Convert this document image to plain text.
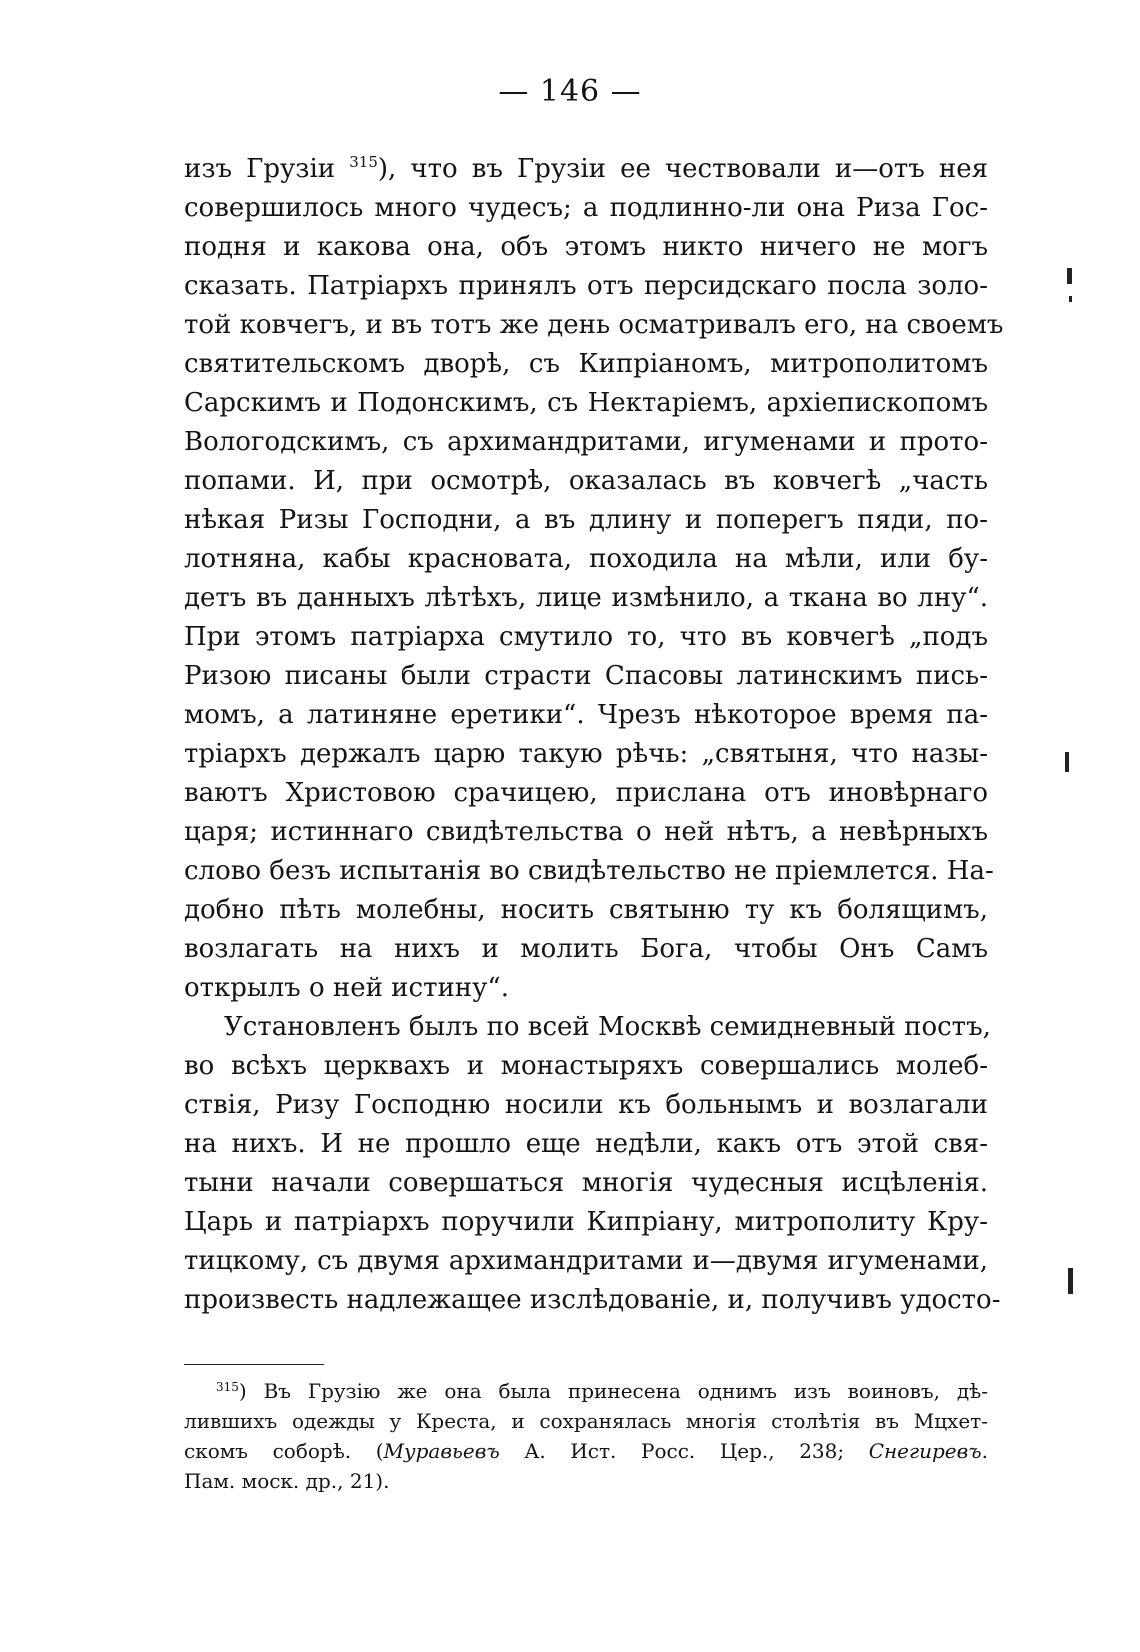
— 146 —
изъ Грузіи $^{315}$), что въ Грузіи ее чествовали и—отъ нея
совершилось много чудесъ; а подлинно-ли она Риза Гос-
подня и какова она, объ этомъ никто ничего не могъ
сказать. Патріархъ принялъ отъ персидскаго посла золо-
той ковчегъ, и въ тотъ же день осматривалъ его, на своемъ
святительскомъ дворѣ, съ Кипріаномъ, митрополитомъ
Сарскимъ и Подонскимъ, съ Нектаріемъ, архіепископомъ
Вологодскимъ, съ архимандритами, игуменами и прото-
попами. И, при осмотрѣ, оказалась въ ковчегѣ „часть
нѣкая Ризы Господни, а въ длину и поперегъ пяди, по-
лотняна, кабы красновата, походила на мѣли, или бу-
детъ въ данныхъ лѣтѣхъ, лице измѣнило, а ткана во лну“.
При этомъ патріарха смутило то, что въ ковчегѣ „подъ
Ризою писаны были страсти Спасовы латинскимъ пись-
момъ, а латиняне еретики“. Чрезъ нѣкоторое время па-
тріархъ держалъ царю такую рѣчь: „святыня, что назы-
ваютъ Христовою срачицею, прислана отъ иновѣрнаго
царя; истиннаго свидѣтельства о ней нѣтъ, а невѣрныхъ
слово безъ испытанія во свидѣтельство не пріемлется. На-
добно пѣть молебны, носить святыню ту къ болящимъ,
возлагать на нихъ и молить Бога, чтобы Онъ Самъ
открылъ о ней истину“.
Установленъ былъ по всей Москвѣ семидневный постъ,
во всѣхъ церквахъ и монастыряхъ совершались молеб-
ствія, Ризу Господню носили къ больнымъ и возлагали
на нихъ. И не прошло еще недѣли, какъ отъ этой свя-
тыни начали совершаться многія чудесныя исцѣленія.
Царь и патріархъ поручили Кипріану, митрополиту Кру-
тицкому, съ двумя архимандритами и—двумя игуменами,
произвесть надлежащее изслѣдованіе, и, получивъ удосто-
$^{315}$) Въ Грузію же она была принесена однимъ изъ воиновъ, дѣ-
лившихъ одежды у Креста, и сохранялась многія столѣтія въ Мцхет-
скомъ соборѣ. (Муравьевъ А. Ист. Росс. Цер., 238; Снегиревъ.
Пам. моск. др., 21).
